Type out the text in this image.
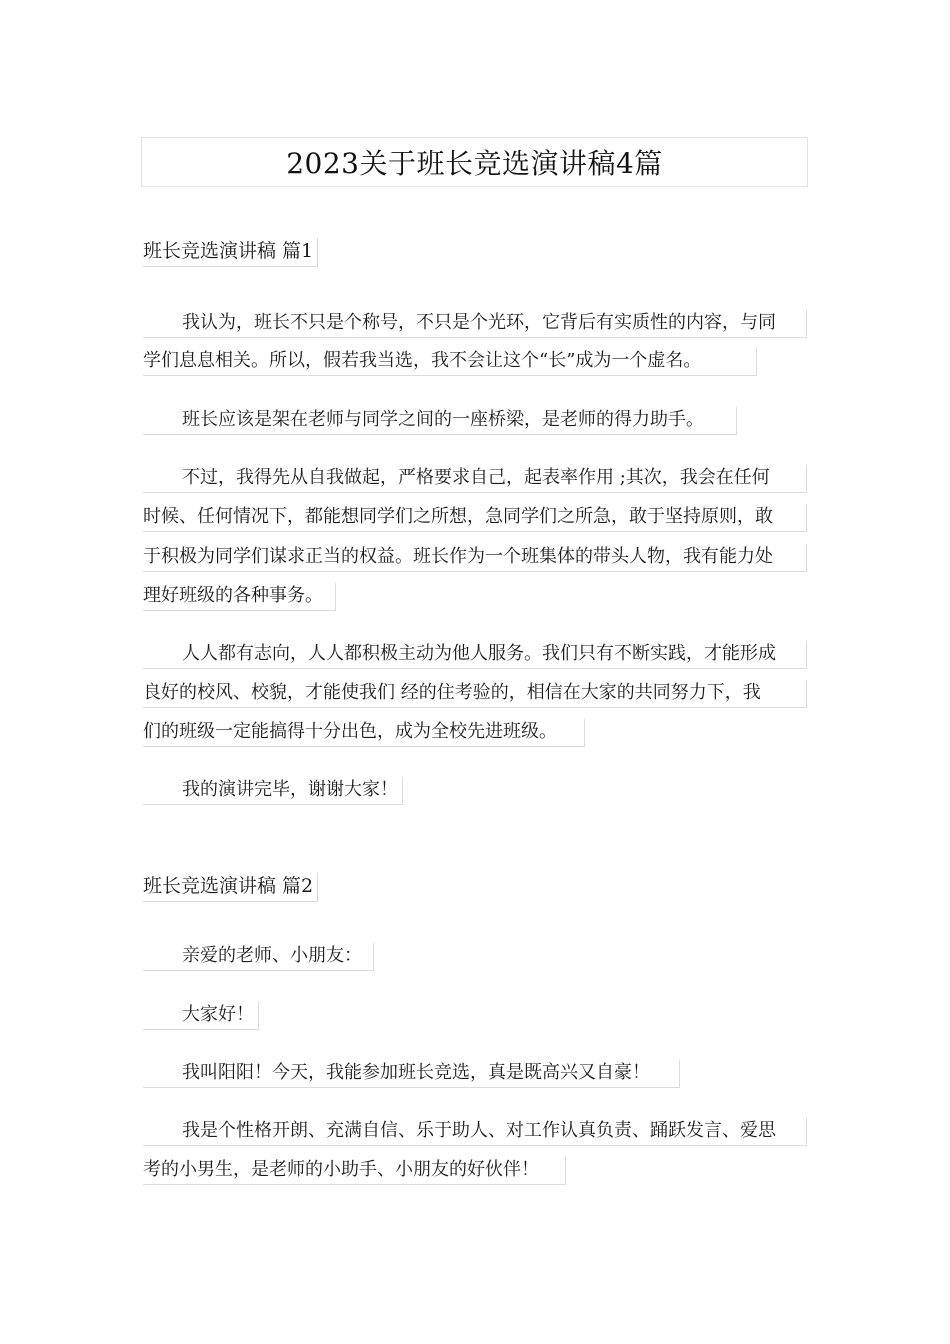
2023关于班长竞选演讲稿4篇
班长竞选演讲稿 篇1
我认为，班长不只是个称号，不只是个光环，它背后有实质性的内容，与同
学们息息相关。所以，假若我当选，我不会让这个“长”成为一个虚名。
班长应该是架在老师与同学之间的一座桥梁，是老师的得力助手。
不过，我得先从自我做起，严格要求自己，起表率作用 ;其次，我会在任何
时候、任何情况下，都能想同学们之所想，急同学们之所急，敢于坚持原则，敢
于积极为同学们谋求正当的权益。班长作为一个班集体的带头人物，我有能力处
理好班级的各种事务。
人人都有志向，人人都积极主动为他人服务。我们只有不断实践，才能形成
良好的校风、校貌，才能使我们 经的住考验的，相信在大家的共同努力下，我
们的班级一定能搞得十分出色，成为全校先进班级。
我的演讲完毕，谢谢大家！
班长竞选演讲稿 篇2
亲爱的老师、小朋友：
大家好！
我叫阳阳！今天，我能参加班长竞选，真是既高兴又自豪！
我是个性格开朗、充满自信、乐于助人、对工作认真负责、踊跃发言、爱思
考的小男生，是老师的小助手、小朋友的好伙伴！
